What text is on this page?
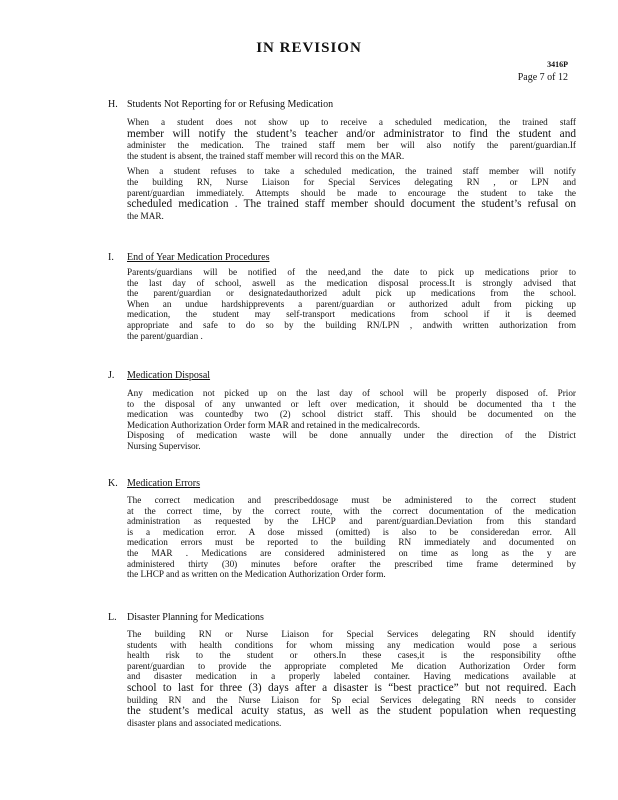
IN REVISION
3416P
Page 7 of 12
H. Students Not Reporting for or Refusing Medication
When a student does not show up to receive a scheduled medication, the trained staff
member will notify the student’s teacher and/or administrator to find the student and
administer the medication. The trained staff mem ber will also notify the parent/guardian.If
the student is absent, the trained staff member will record this on the MAR.
When a student refuses to take a scheduled medication, the trained staff member will notify
the building RN, Nurse Liaison for Special Services delegating RN , or LPN and
parent/guardian immediately. Attempts should be made to encourage the student to take the
scheduled medication . The trained staff member should document the student’s refusal on
the MAR.
I. End of Year Medication Procedures
Parents/guardians will be notified of the need,and the date to pick up medications prior to
the last day of school, aswell as the medication disposal process.It is strongly advised that
the parent/guardian or designatedauthorized adult pick up medications from the school.
When an undue hardshipprevents a parent/guardian or authorized adult from picking up
medication, the student may self-transport medications from school if it is deemed
appropriate and safe to do so by the building RN/LPN , andwith written authorization from
the parent/guardian .
J. Medication Disposal
Any medication not picked up on the last day of school will be properly disposed of. Prior
to the disposal of any unwanted or left over medication, it should be documented tha t the
medication was countedby two (2) school district staff. This should be documented on the
Medication Authorization Order form MAR and retained in the medicalrecords.
Disposing of medication waste will be done annually under the direction of the District
Nursing Supervisor.
K. Medication Errors
The correct medication and prescribeddosage must be administered to the correct student
at the correct time, by the correct route, with the correct documentation of the medication
administration as requested by the LHCP and parent/guardian.Deviation from this standard
is a medication error. A dose missed (omitted) is also to be consideredan error. All
medication errors must be reported to the building RN immediately and documented on
the MAR . Medications are considered administered on time as long as the y are
administered thirty (30) minutes before orafter the prescribed time frame determined by
the LHCP and as written on the Medication Authorization Order form.
L. Disaster Planning for Medications
The building RN or Nurse Liaison for Special Services delegating RN should identify
students with health conditions for whom missing any medication would pose a serious
health risk to the student or others.In these cases,it is the responsibility ofthe
parent/guardian to provide the appropriate completed Me dication Authorization Order form
and disaster medication in a properly labeled container. Having medications available at
school to last for three (3) days after a disaster is “best practice” but not required. Each
building RN and the Nurse Liaison for Sp ecial Services delegating RN needs to consider
the student’s medical acuity status, as well as the student population when requesting
disaster plans and associated medications.
